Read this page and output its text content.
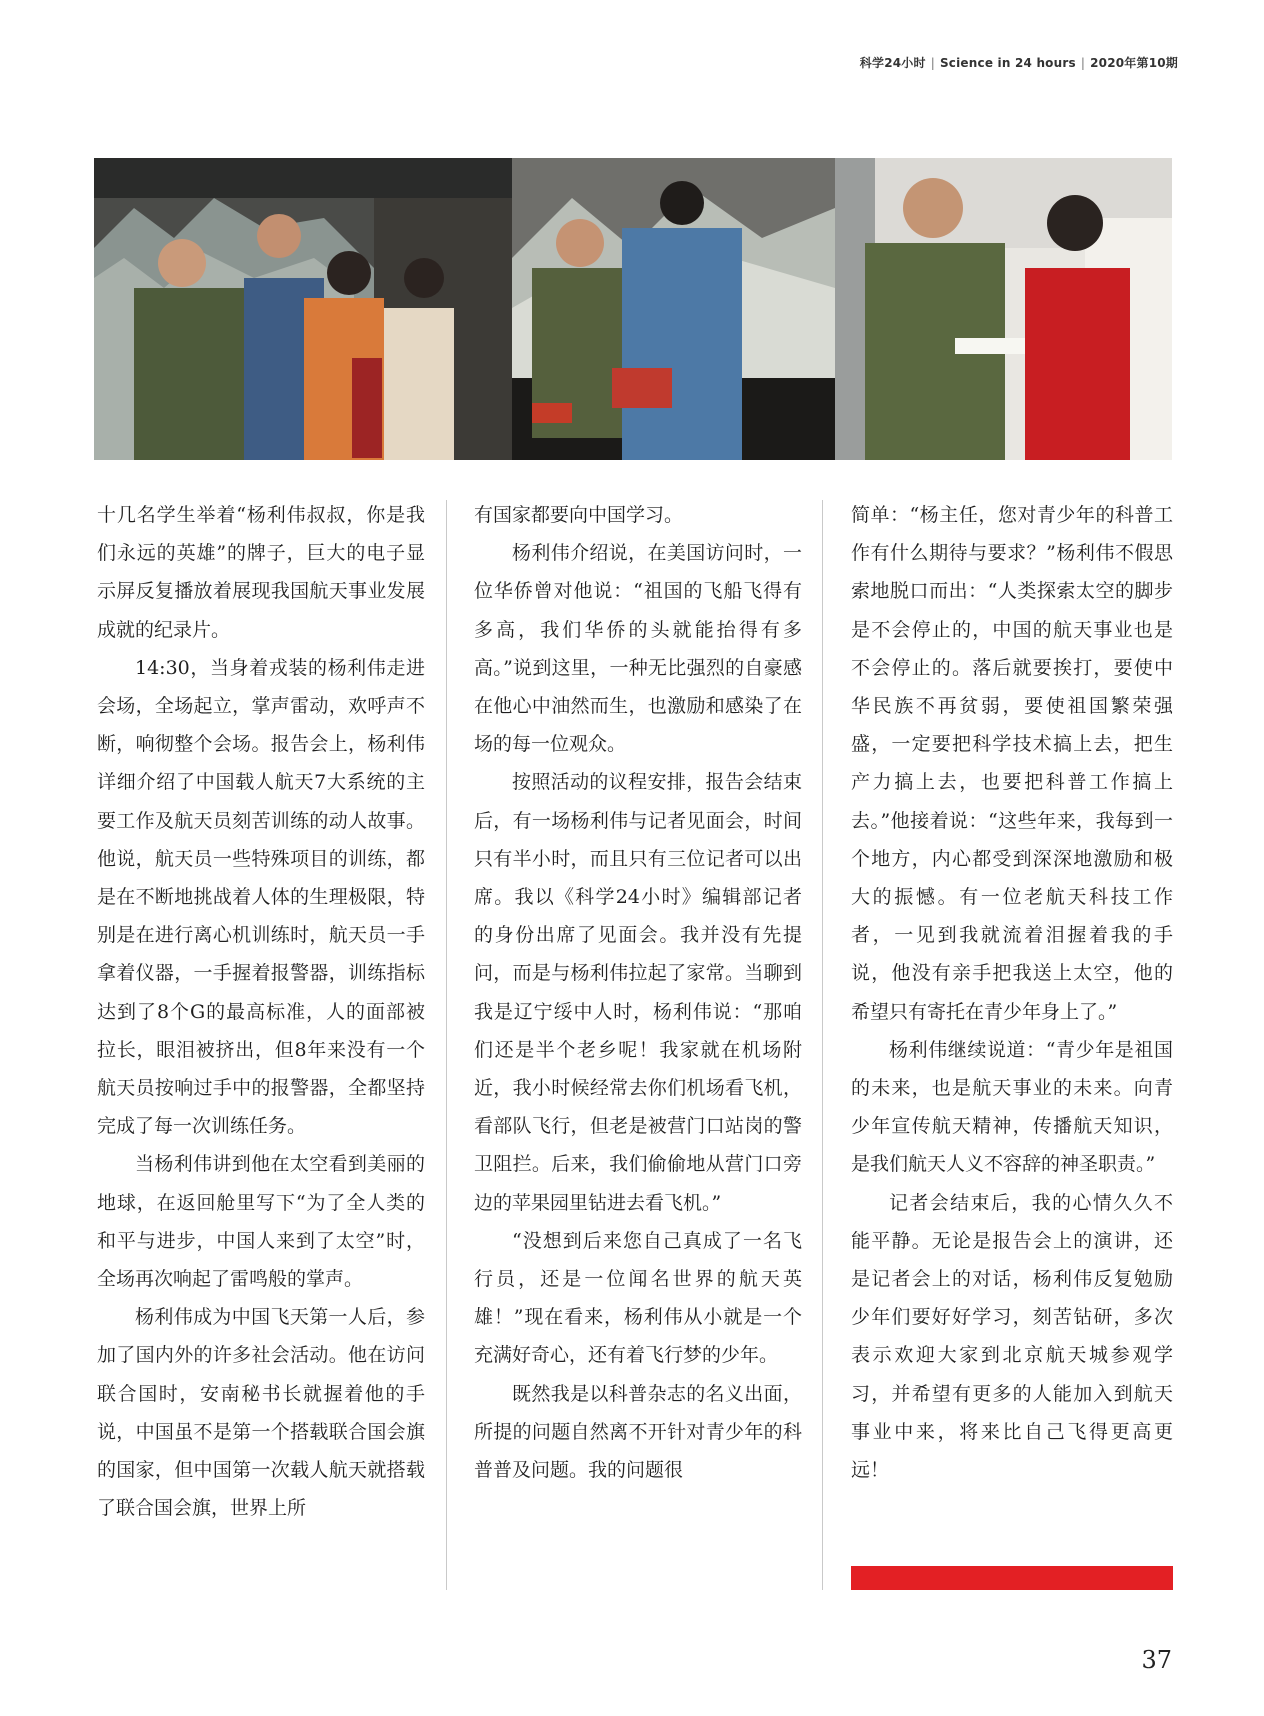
科学24小时 | Science in 24 hours | 2020年第10期

十几名学生举着“杨利伟叔叔，你是我们永远的英雄”的牌子，巨大的电子显示屏反复播放着展现我国航天事业发展成就的纪录片。

14:30，当身着戎装的杨利伟走进会场，全场起立，掌声雷动，欢呼声不断，响彻整个会场。报告会上，杨利伟详细介绍了中国载人航天7大系统的主要工作及航天员刻苦训练的动人故事。他说，航天员一些特殊项目的训练，都是在不断地挑战着人体的生理极限，特别是在进行离心机训练时，航天员一手拿着仪器，一手握着报警器，训练指标达到了8个G的最高标准，人的面部被拉长，眼泪被挤出，但8年来没有一个航天员按响过手中的报警器，全都坚持完成了每一次训练任务。

当杨利伟讲到他在太空看到美丽的地球，在返回舱里写下“为了全人类的和平与进步，中国人来到了太空”时，全场再次响起了雷鸣般的掌声。

杨利伟成为中国飞天第一人后，参加了国内外的许多社会活动。他在访问联合国时，安南秘书长就握着他的手说，中国虽不是第一个搭载联合国会旗的国家，但中国第一次载人航天就搭载了联合国会旗，世界上所

有国家都要向中国学习。

杨利伟介绍说，在美国访问时，一位华侨曾对他说：“祖国的飞船飞得有多高，我们华侨的头就能抬得有多高。”说到这里，一种无比强烈的自豪感在他心中油然而生，也激励和感染了在场的每一位观众。

按照活动的议程安排，报告会结束后，有一场杨利伟与记者见面会，时间只有半小时，而且只有三位记者可以出席。我以《科学24小时》编辑部记者的身份出席了见面会。我并没有先提问，而是与杨利伟拉起了家常。当聊到我是辽宁绥中人时，杨利伟说：“那咱们还是半个老乡呢！我家就在机场附近，我小时候经常去你们机场看飞机，看部队飞行，但老是被营门口站岗的警卫阻拦。后来，我们偷偷地从营门口旁边的苹果园里钻进去看飞机。”

“没想到后来您自己真成了一名飞行员，还是一位闻名世界的航天英雄！”现在看来，杨利伟从小就是一个充满好奇心，还有着飞行梦的少年。

既然我是以科普杂志的名义出面，所提的问题自然离不开针对青少年的科普普及问题。我的问题很

简单：“杨主任，您对青少年的科普工作有什么期待与要求？”杨利伟不假思索地脱口而出：“人类探索太空的脚步是不会停止的，中国的航天事业也是不会停止的。落后就要挨打，要使中华民族不再贫弱，要使祖国繁荣强盛，一定要把科学技术搞上去，把生产力搞上去，也要把科普工作搞上去。”他接着说：“这些年来，我每到一个地方，内心都受到深深地激励和极大的振憾。有一位老航天科技工作者，一见到我就流着泪握着我的手说，他没有亲手把我送上太空，他的希望只有寄托在青少年身上了。”

杨利伟继续说道：“青少年是祖国的未来，也是航天事业的未来。向青少年宣传航天精神，传播航天知识，是我们航天人义不容辞的神圣职责。”

记者会结束后，我的心情久久不能平静。无论是报告会上的演讲，还是记者会上的对话，杨利伟反复勉励少年们要好好学习，刻苦钻研，多次表示欢迎大家到北京航天城参观学习，并希望有更多的人能加入到航天事业中来，将来比自己飞得更高更远！

37
